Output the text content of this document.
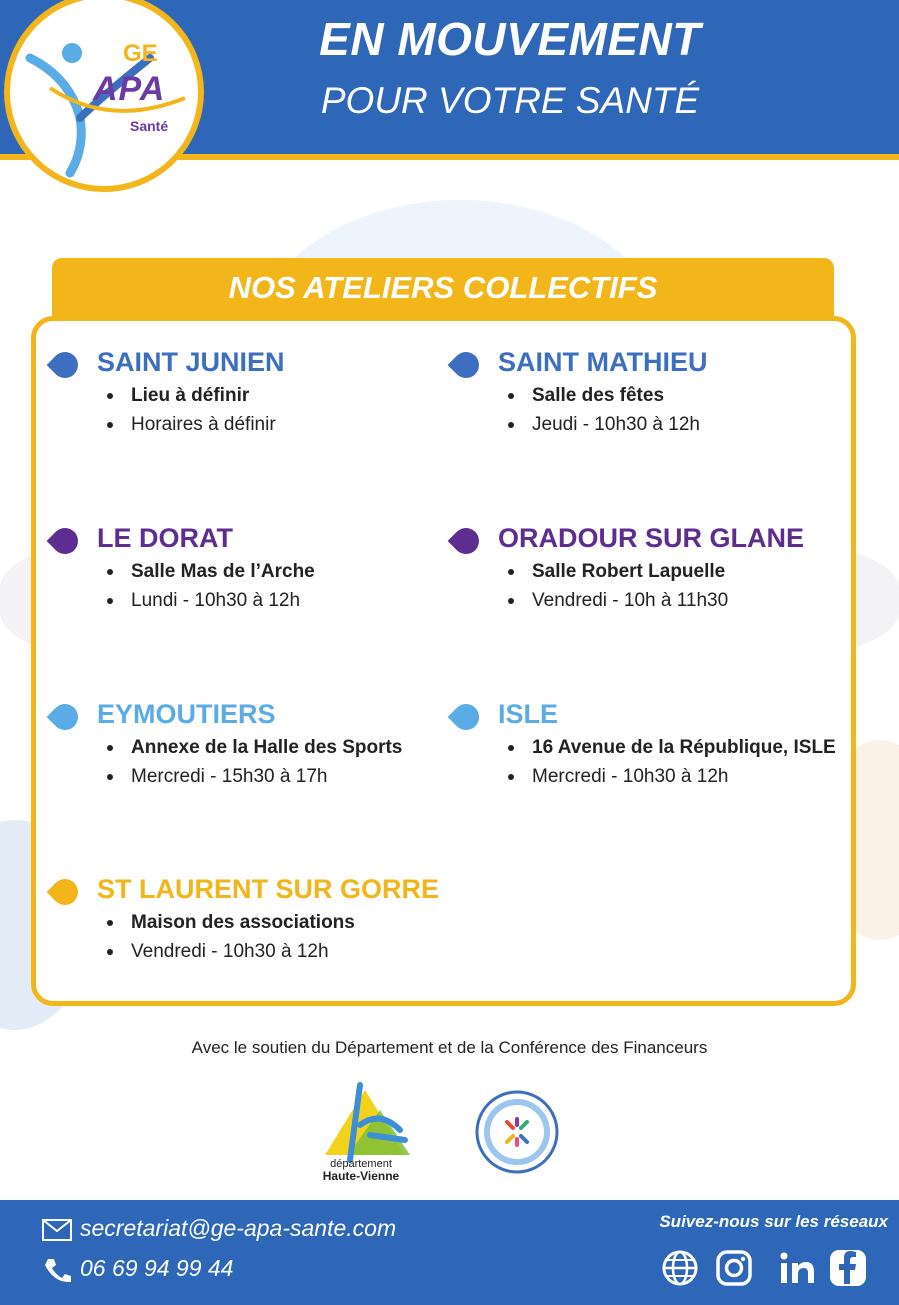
EN MOUVEMENT
POUR VOTRE SANTÉ
GE
APA
Santé
NOS ATELIERS COLLECTIFS
SAINT JUNIEN
Lieu à définir
Horaires à définir
SAINT MATHIEU
Salle des fêtes
Jeudi - 10h30 à 12h
LE DORAT
Salle Mas de l’Arche
Lundi - 10h30 à 12h
ORADOUR SUR GLANE
Salle Robert Lapuelle
Vendredi - 10h à 11h30
EYMOUTIERS
Annexe de la Halle des Sports
Mercredi - 15h30 à 17h
ISLE
16 Avenue de la République, ISLE
Mercredi - 10h30 à 12h
ST LAURENT SUR GORRE
Maison des associations
Vendredi - 10h30 à 12h
Avec le soutien du Département et de la Conférence des Financeurs
département
Haute-Vienne
secretariat@ge-apa-sante.com
06 69 94 99 44
Suivez-nous sur les réseaux
